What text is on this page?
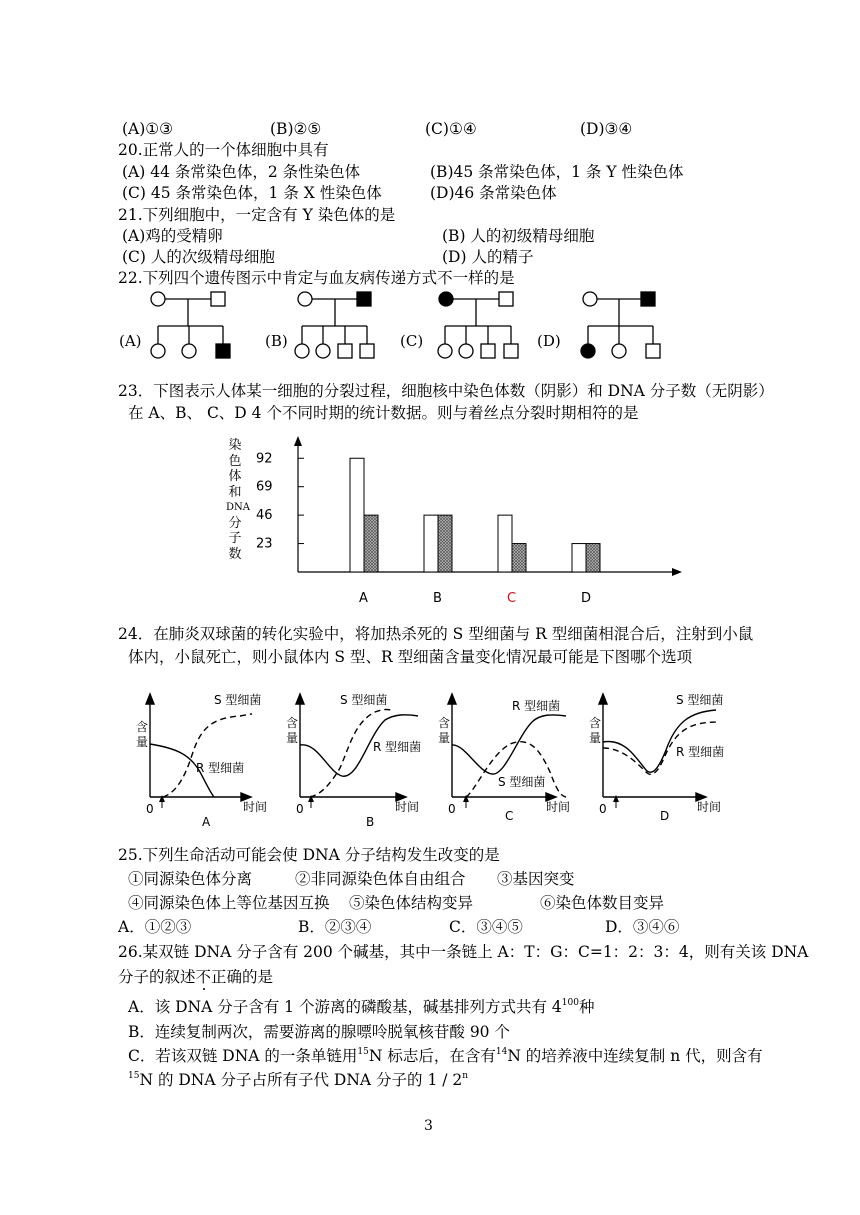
(A)①③	(B)②⑤	(C)①④	(D)③④
20.正常人的一个体细胞中具有
(A) 44 条常染色体，2 条性染色体	(B)45 条常染色体，1 条 Y 性染色体
(C) 45 条常染色体，1 条 X 性染色体	(D)46 条常染色体
21.下列细胞中，一定含有 Y 染色体的是
(A)鸡的受精卵	(B) 人的初级精母细胞
(C) 人的次级精母细胞	(D) 人的精子
22.下列四个遗传图示中肯定与血友病传递方式不一样的是
(A)	(B)	(C)	(D)
23．下图表示人体某一细胞的分裂过程，细胞核中染色体数（阴影）和 DNA 分子数（无阴影）
在 A、B、 C、D 4 个不同时期的统计数据。则与着丝点分裂时期相符的是
染
色
体
和
DNA
分
子
数
92
69
46
23
A	B	C	D
24．在肺炎双球菌的转化实验中，将加热杀死的 S 型细菌与 R 型细菌相混合后，注射到小鼠
体内，小鼠死亡，则小鼠体内 S 型、R 型细菌含量变化情况最可能是下图哪个选项
S 型细菌
R 型细菌
0	时间
A
含
量
S 型细菌
R 型细菌
0	时间
B
含
量
R 型细菌
S 型细菌
0	时间
C
含
量
S 型细菌
R 型细菌
0	时间
D
含
量
25.下列生命活动可能会使 DNA 分子结构发生改变的是
①同源染色体分离	②非同源染色体自由组合 ③基因突变
④同源染色体上等位基因互换 ⑤染色体结构变异	⑥染色体数目变异
A．①②③	B．②③④	C．③④⑤	D．③④⑥
26.某双链 DNA 分子含有 200 个碱基，其中一条链上 A：T：G：C=1：2：3：4，则有关该 DNA
分子的叙述不
正确的是
A．该 DNA 分子含有 1 个游离的磷酸基，碱基排列方式共有 $4^{100}$种
B．连续复制两次，需要游离的腺嘌呤脱氧核苷酸 90 个
C．若该双链 DNA 的一条单链用$^{15}$N 标志后，在含有$^{14}$N 的培养液中连续复制 n 代，则含有
$^{15}$N 的 DNA 分子占所有子代 DNA 分子的 1 / 2$^n$
3
